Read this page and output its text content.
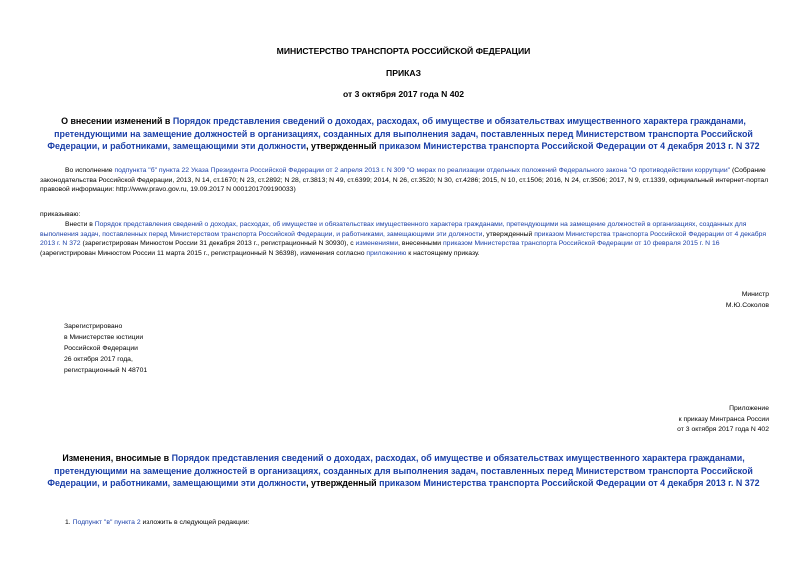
МИНИСТЕРСТВО ТРАНСПОРТА РОССИЙСКОЙ ФЕДЕРАЦИИ
ПРИКАЗ
от 3 октября 2017 года N 402
О внесении изменений в Порядок представления сведений о доходах, расходах, об имуществе и обязательствах имущественного характера гражданами, претендующими на замещение должностей в организациях, созданных для выполнения задач, поставленных перед Министерством транспорта Российской Федерации, и работниками, замещающими эти должности, утвержденный приказом Министерства транспорта Российской Федерации от 4 декабря 2013 г. N 372
Во исполнение подпункта "б" пункта 22 Указа Президента Российской Федерации от 2 апреля 2013 г. N 309 "О мерах по реализации отдельных положений Федерального закона "О противодействии коррупции" (Собрание законодательства Российской Федерации, 2013, N 14, ст.1670; N 23, ст.2892; N 28, ст.3813; N 49, ст.6399; 2014, N 26, ст.3520; N 30, ст.4286; 2015, N 10, ст.1506; 2016, N 24, ст.3506; 2017, N 9, ст.1339, официальный интернет-портал правовой информации: http://www.pravo.gov.ru, 19.09.2017 N 0001201709190033)
приказываю:
Внести в Порядок представления сведений о доходах, расходах, об имуществе и обязательствах имущественного характера гражданами, претендующими на замещение должностей в организациях, созданных для выполнения задач, поставленных перед Министерством транспорта Российской Федерации, и работниками, замещающими эти должности, утвержденный приказом Министерства транспорта Российской Федерации от 4 декабря 2013 г. N 372 (зарегистрирован Минюстом России 31 декабря 2013 г., регистрационный N 30930), с изменениями, внесенными приказом Министерства транспорта Российской Федерации от 10 февраля 2015 г. N 16 (зарегистрирован Минюстом России 11 марта 2015 г., регистрационный N 36398), изменения согласно приложению к настоящему приказу.
Министр
М.Ю.Соколов
Зарегистрировано
в Министерстве юстиции
Российской Федерации
26 октября 2017 года,
регистрационный N 48701
Приложение
к приказу Минтранса России
от 3 октября 2017 года N 402
Изменения, вносимые в Порядок представления сведений о доходах, расходах, об имуществе и обязательствах имущественного характера гражданами, претендующими на замещение должностей в организациях, созданных для выполнения задач, поставленных перед Министерством транспорта Российской Федерации, и работниками, замещающими эти должности, утвержденный приказом Министерства транспорта Российской Федерации от 4 декабря 2013 г. N 372
1. Подпункт "в" пункта 2 изложить в следующей редакции:
